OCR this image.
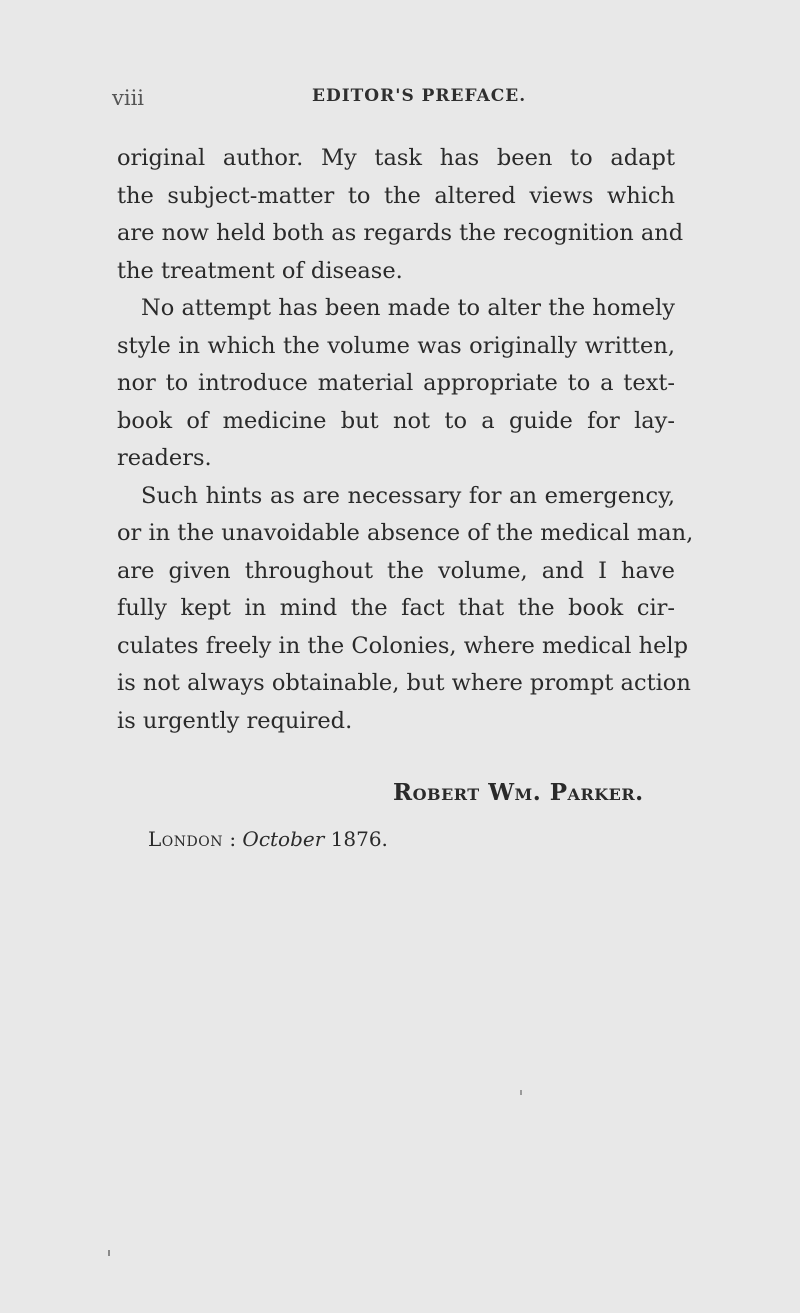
viii	EDITOR'S PREFACE.
original author. My task has been to adapt
the subject-matter to the altered views which
are now held both as regards the recognition and
the treatment of disease.
No attempt has been made to alter the homely
style in which the volume was originally written,
nor to introduce material appropriate to a text-
book of medicine but not to a guide for lay-
readers.
Such hints as are necessary for an emergency,
or in the unavoidable absence of the medical man,
are given throughout the volume, and I have
fully kept in mind the fact that the book cir-
culates freely in the Colonies, where medical help
is not always obtainable, but where prompt action
is urgently required.
Robert Wm. Parker.
London : October 1876.
